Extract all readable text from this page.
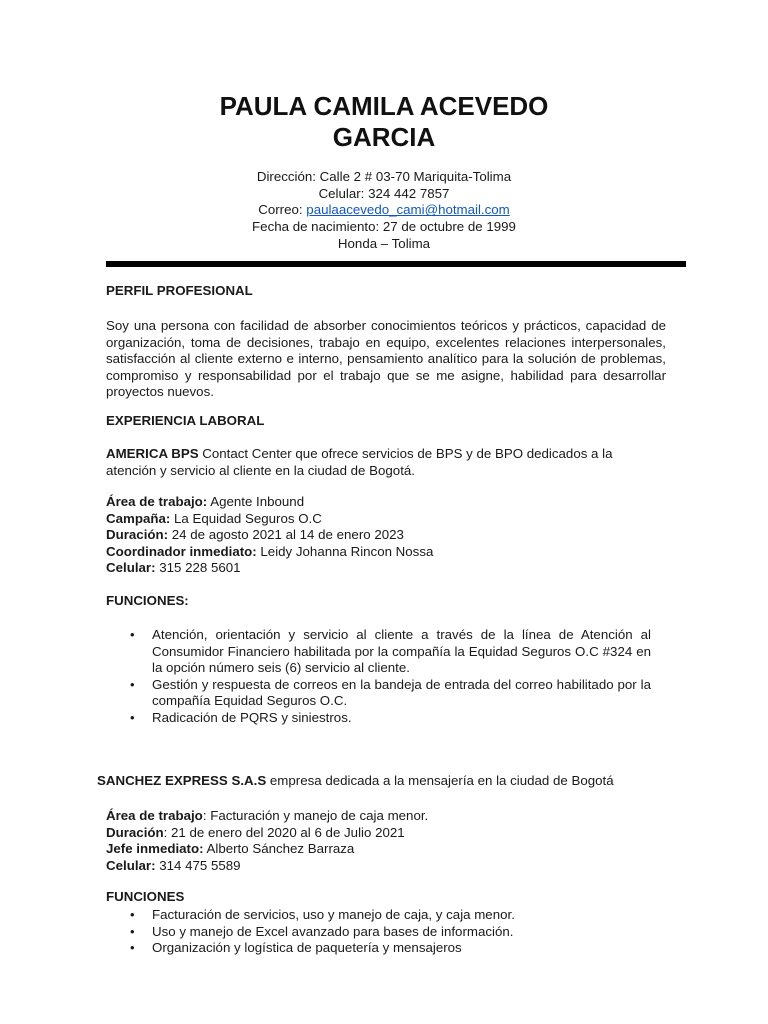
PAULA CAMILA ACEVEDO
GARCIA
Dirección: Calle 2 # 03-70 Mariquita-Tolima
Celular: 324 442 7857
Correo: paulaacevedo_cami@hotmail.com
Fecha de nacimiento: 27 de octubre de 1999
Honda – Tolima
PERFIL PROFESIONAL
Soy una persona con facilidad de absorber conocimientos teóricos y prácticos, capacidad de organización, toma de decisiones, trabajo en equipo, excelentes relaciones interpersonales, satisfacción al cliente externo e interno, pensamiento analítico para la solución de problemas, compromiso y responsabilidad por el trabajo que se me asigne, habilidad para desarrollar proyectos nuevos.
EXPERIENCIA LABORAL
AMERICA BPS Contact Center que ofrece servicios de BPS y de BPO dedicados a la atención y servicio al cliente en la ciudad de Bogotá.
Área de trabajo: Agente Inbound
Campaña: La Equidad Seguros O.C
Duración: 24 de agosto 2021 al 14 de enero 2023
Coordinador inmediato: Leidy Johanna Rincon Nossa
Celular: 315 228 5601
FUNCIONES:
• Atención, orientación y servicio al cliente a través de la línea de Atención al Consumidor Financiero habilitada por la compañía la Equidad Seguros O.C #324 en la opción número seis (6) servicio al cliente.
• Gestión y respuesta de correos en la bandeja de entrada del correo habilitado por la compañía Equidad Seguros O.C.
• Radicación de PQRS y siniestros.
SANCHEZ EXPRESS S.A.S empresa dedicada a la mensajería en la ciudad de Bogotá
Área de trabajo: Facturación y manejo de caja menor.
Duración: 21 de enero del 2020 al 6 de Julio 2021
Jefe inmediato: Alberto Sánchez Barraza
Celular: 314 475 5589
FUNCIONES
• Facturación de servicios, uso y manejo de caja, y caja menor.
• Uso y manejo de Excel avanzado para bases de información.
• Organización y logística de paquetería y mensajeros
